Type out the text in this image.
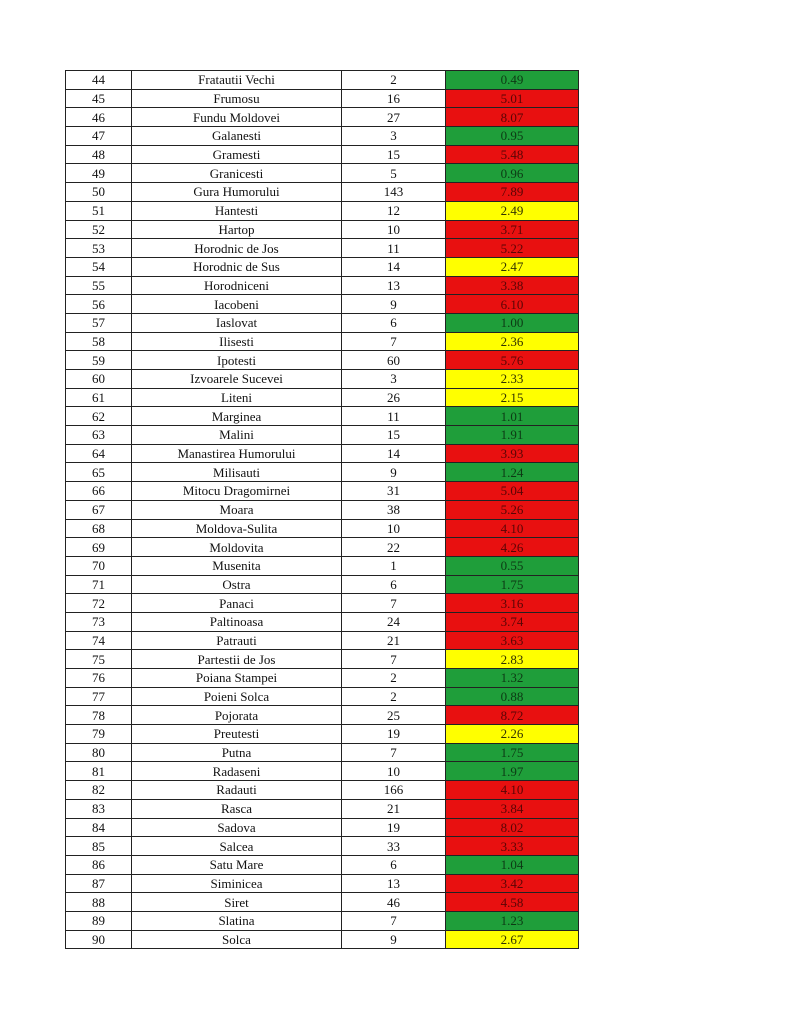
44	Fratautii Vechi	2	0.49
45	Frumosu	16	5.01
46	Fundu Moldovei	27	8.07
47	Galanesti	3	0.95
48	Gramesti	15	5.48
49	Granicesti	5	0.96
50	Gura Humorului	143	7.89
51	Hantesti	12	2.49
52	Hartop	10	3.71
53	Horodnic de Jos	11	5.22
54	Horodnic de Sus	14	2.47
55	Horodniceni	13	3.38
56	Iacobeni	9	6.10
57	Iaslovat	6	1.00
58	Ilisesti	7	2.36
59	Ipotesti	60	5.76
60	Izvoarele Sucevei	3	2.33
61	Liteni	26	2.15
62	Marginea	11	1.01
63	Malini	15	1.91
64	Manastirea Humorului	14	3.93
65	Milisauti	9	1.24
66	Mitocu Dragomirnei	31	5.04
67	Moara	38	5.26
68	Moldova-Sulita	10	4.10
69	Moldovita	22	4.26
70	Musenita	1	0.55
71	Ostra	6	1.75
72	Panaci	7	3.16
73	Paltinoasa	24	3.74
74	Patrauti	21	3.63
75	Partestii de Jos	7	2.83
76	Poiana Stampei	2	1.32
77	Poieni Solca	2	0.88
78	Pojorata	25	8.72
79	Preutesti	19	2.26
80	Putna	7	1.75
81	Radaseni	10	1.97
82	Radauti	166	4.10
83	Rasca	21	3.84
84	Sadova	19	8.02
85	Salcea	33	3.33
86	Satu Mare	6	1.04
87	Siminicea	13	3.42
88	Siret	46	4.58
89	Slatina	7	1.23
90	Solca	9	2.67
